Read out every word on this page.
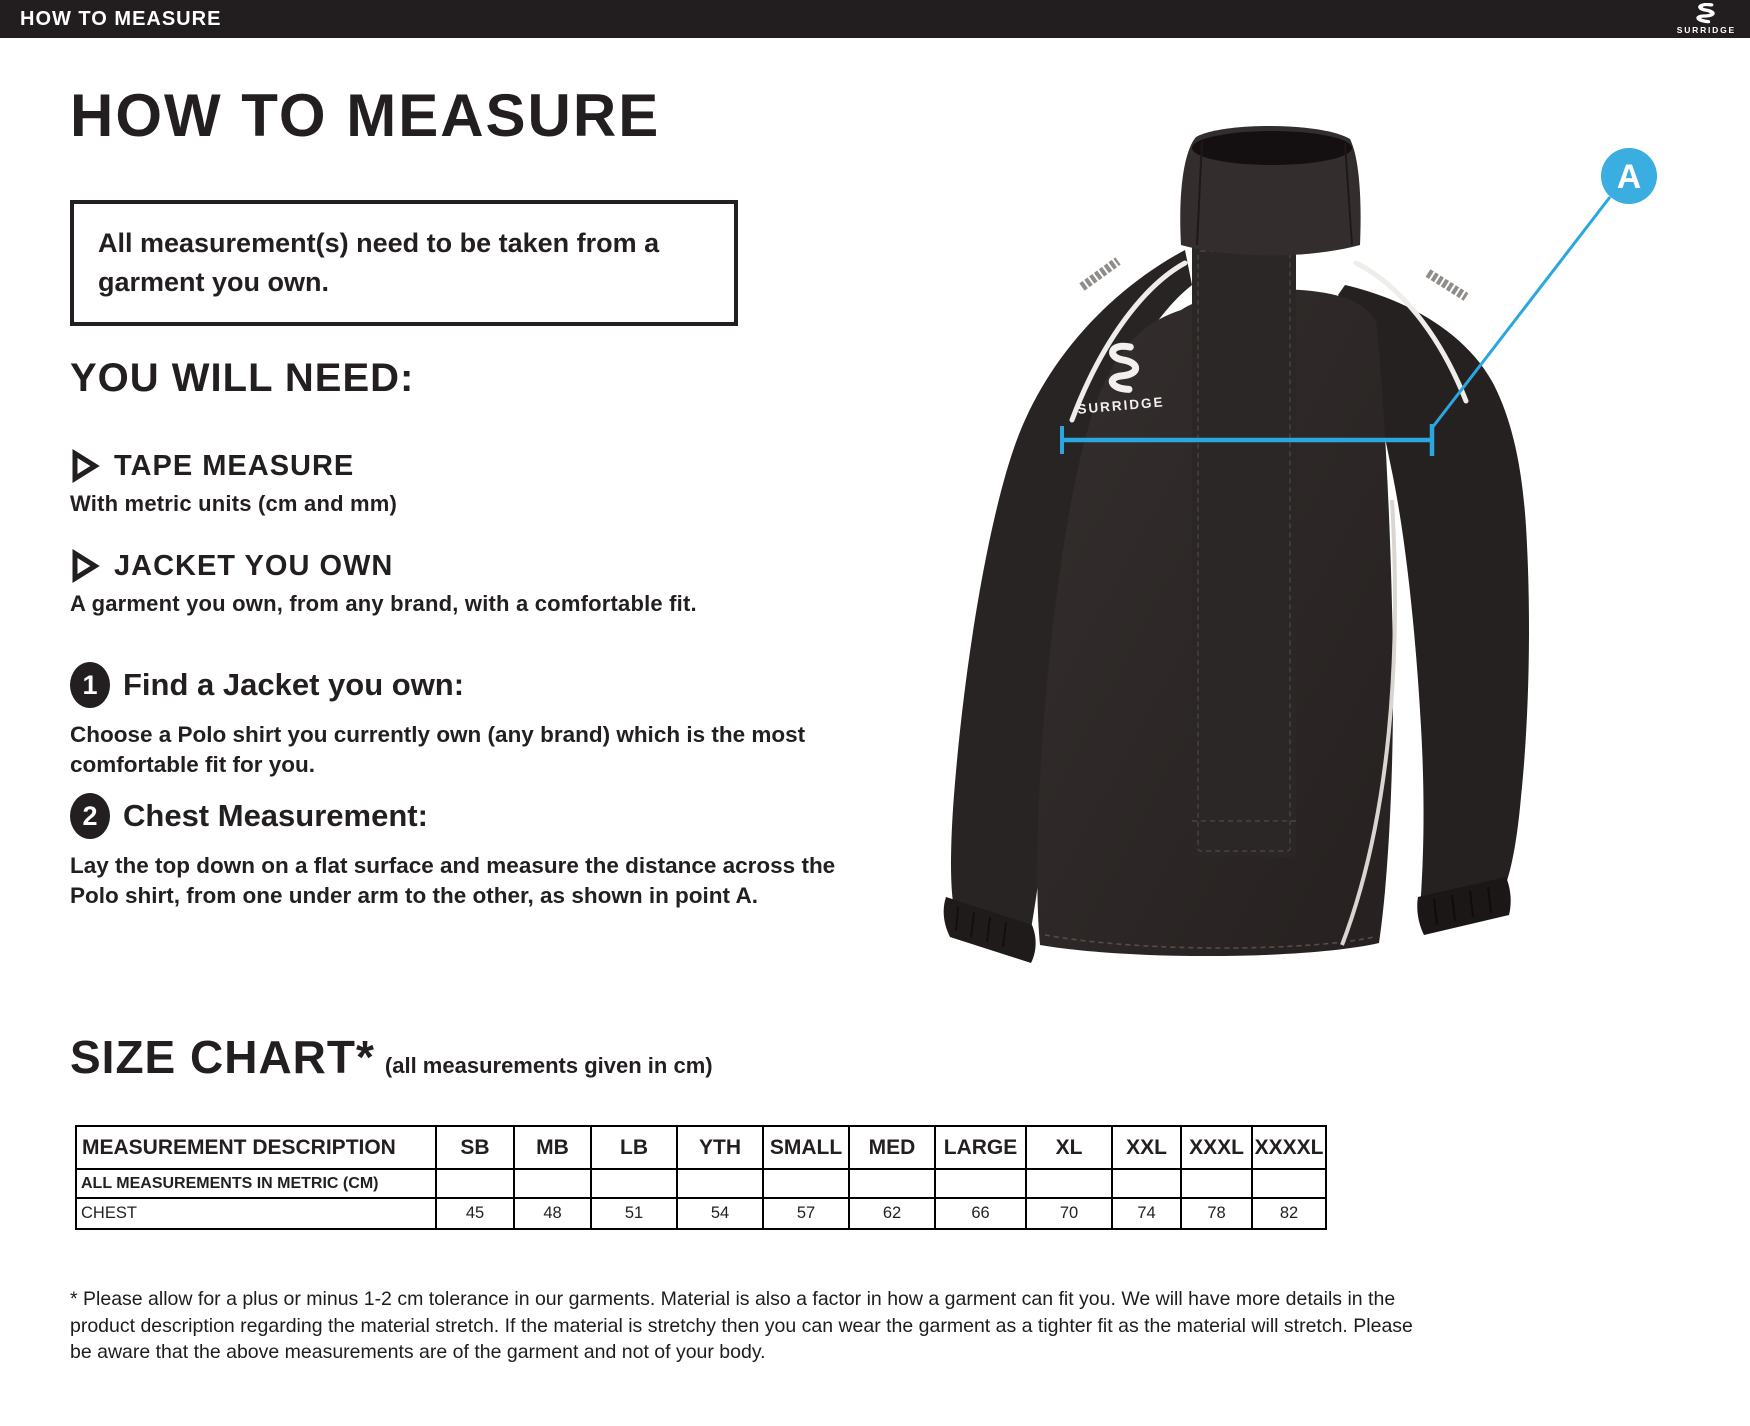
HOW TO MEASURE
SURRIDGE
HOW TO MEASURE
All measurement(s) need to be taken from a garment you own.
YOU WILL NEED:
TAPE MEASURE
With metric units (cm and mm)
JACKET YOU OWN
A garment you own, from any brand, with a comfortable fit.
1 Find a Jacket you own:
Choose a Polo shirt you currently own (any brand) which is the most comfortable fit for you.
2 Chest Measurement:
Lay the top down on a flat surface and measure the distance across the Polo shirt, from one under arm to the other, as shown in point A.
SIZE CHART* (all measurements given in cm)
MEASUREMENT DESCRIPTION	SB	MB	LB	YTH	SMALL	MED	LARGE	XL	XXL	XXXL	XXXXL
ALL MEASUREMENTS IN METRIC (CM)											
CHEST	45	48	51	54	57	62	66	70	74	78	82
* Please allow for a plus or minus 1-2 cm tolerance in our garments. Material is also a factor in how a garment can fit you. We will have more details in the product description regarding the material stretch. If the material is stretchy then you can wear the garment as a tighter fit as the material will stretch. Please be aware that the above measurements are of the garment and not of your body.
SURRIDGE
A
